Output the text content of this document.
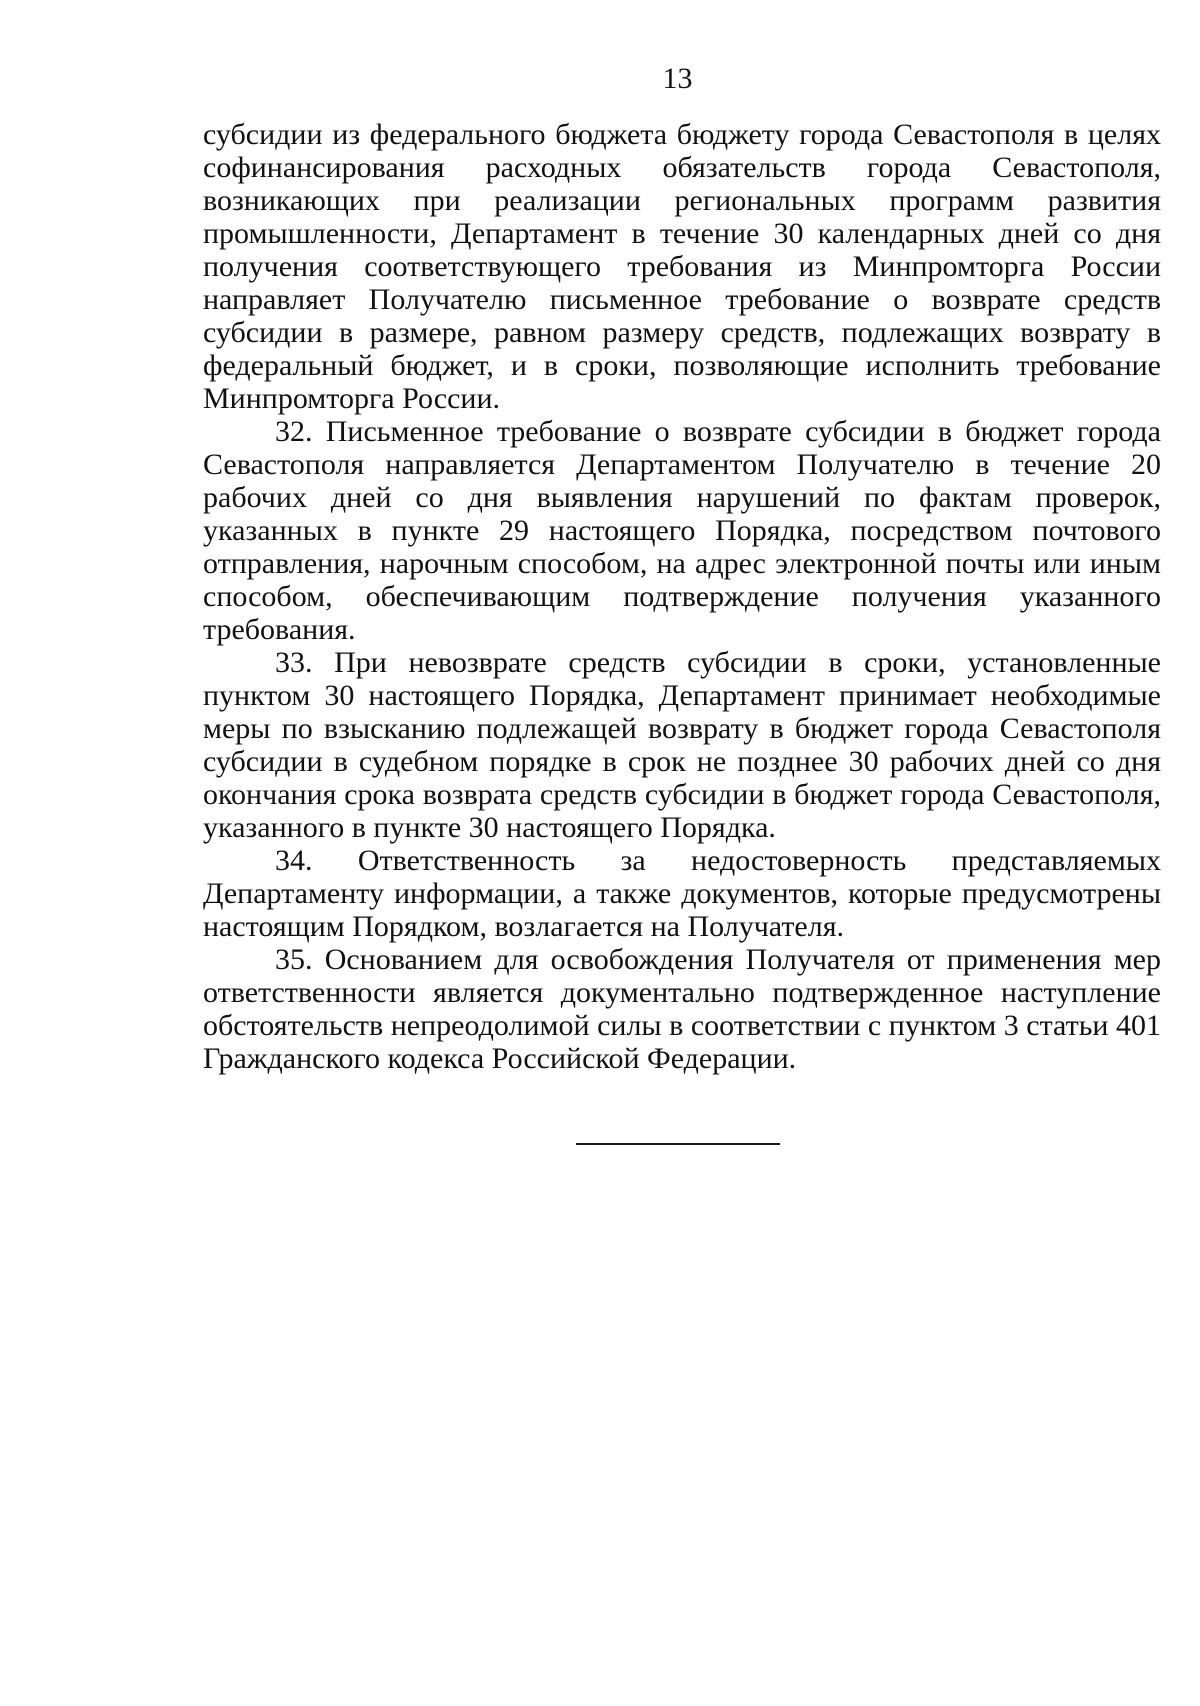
13

субсидии из федерального бюджета бюджету города Севастополя в целях софинансирования расходных обязательств города Севастополя, возникающих при реализации региональных программ развития промышленности, Департамент в течение 30 календарных дней со дня получения соответствующего требования из Минпромторга России направляет Получателю письменное требование о возврате средств субсидии в размере, равном размеру средств, подлежащих возврату в федеральный бюджет, и в сроки, позволяющие исполнить требование Минпромторга России.

32. Письменное требование о возврате субсидии в бюджет города Севастополя направляется Департаментом Получателю в течение 20 рабочих дней со дня выявления нарушений по фактам проверок, указанных в пункте 29 настоящего Порядка, посредством почтового отправления, нарочным способом, на адрес электронной почты или иным способом, обеспечивающим подтверждение получения указанного требования.

33. При невозврате средств субсидии в сроки, установленные пунктом 30 настоящего Порядка, Департамент принимает необходимые меры по взысканию подлежащей возврату в бюджет города Севастополя субсидии в судебном порядке в срок не позднее 30 рабочих дней со дня окончания срока возврата средств субсидии в бюджет города Севастополя, указанного в пункте 30 настоящего Порядка.

34. Ответственность за недостоверность представляемых Департаменту информации, а также документов, которые предусмотрены настоящим Порядком, возлагается на Получателя.

35. Основанием для освобождения Получателя от применения мер ответственности является документально подтвержденное наступление обстоятельств непреодолимой силы в соответствии с пунктом 3 статьи 401 Гражданского кодекса Российской Федерации.
